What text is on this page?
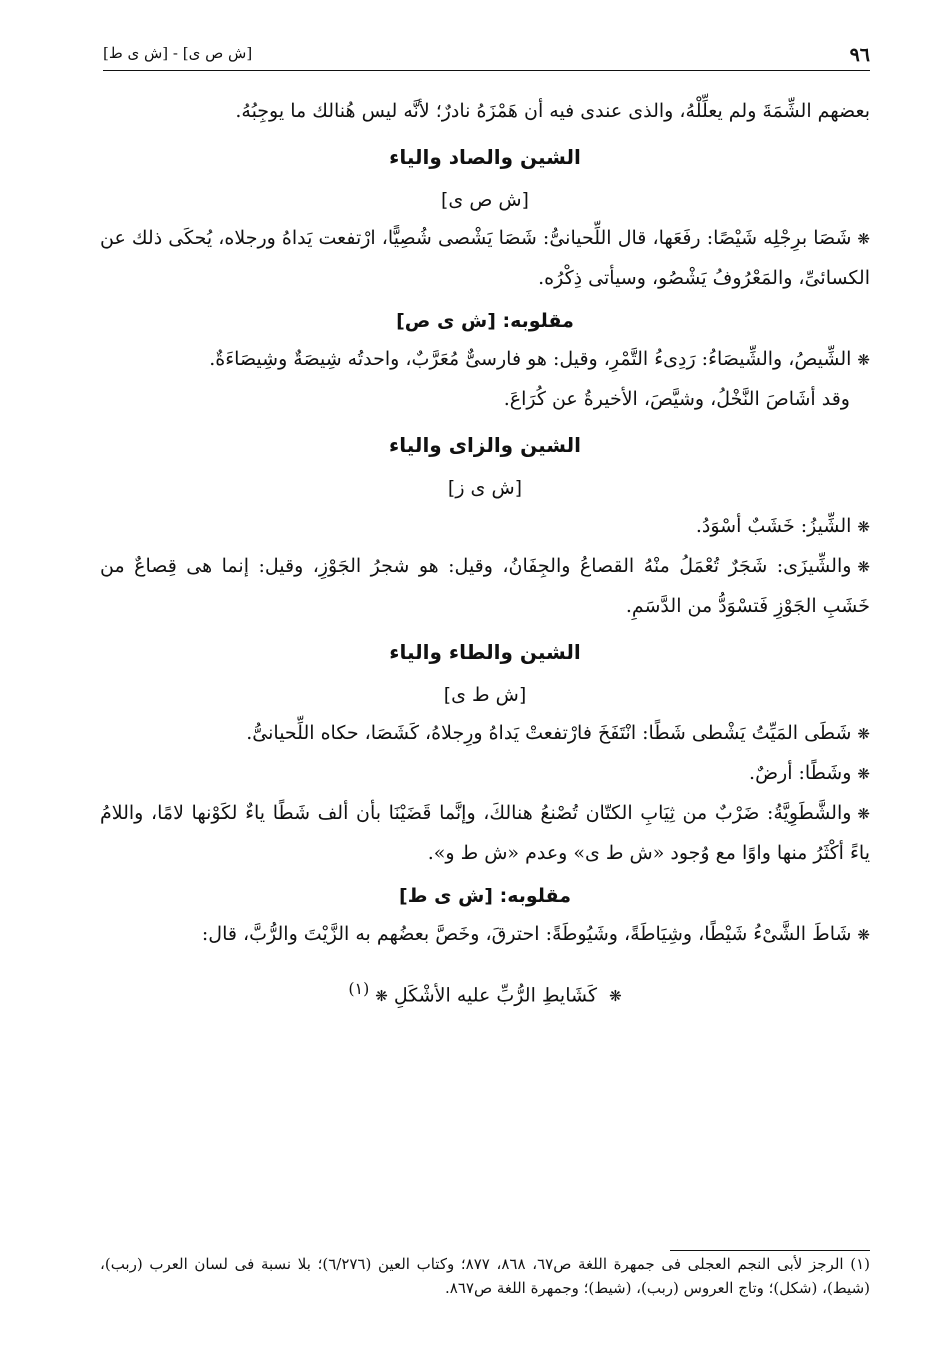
٩٦
[ش ص ى] - [ش ى ط]

بعضهم الشِّمَةَ ولم يعلِّلْهُ، والذى عندى فيه أن هَمْزَهُ نادرٌ؛ لأنَّه ليس هُنالك ما يوجِبُهُ.

الشين والصاد والياء
[ش ص ى]

❋شَصَا برِجْلِه شَيْصًا: رفَعَها، قال اللِّحيانىُّ: شَصَا يَشْصى شُصِيًّا، ارْتفعت يَداهُ ورجلاه، يُحكَى ذلك عن الكسائىِّ، والمَعْرُوفُ يَشْصُو، وسيأتى ذِكْرُه.

مقلوبه: [ش ى ص]

❋الشِّيصُ، والشِّيصَاءُ: رَدِىءُ التَّمْرِ، وقيل: هو فارسىٌّ مُعَرَّبٌ، واحدتُه شِيصَةٌ وشِيصَاءَةٌ.

وقد أشَاصَ النَّخْلُ، وشيَّصَ، الأخيرةُ عن كُرَاعَ.

الشين والزاى والياء
[ش ى ز]

❋الشِّيزُ: خَشَبٌ أسْوَدُ.

❋والشِّيزَى: شَجَرٌ تُعْمَلُ منْهُ القصاعُ والجِفَانُ، وقيل: هو شجرُ الجَوْزِ، وقيل: إنما هى قِصاعٌ من خَشَبِ الجَوْزِ فَتسْوَدُّ من الدَّسَمِ.

الشين والطاء والياء
[ش ط ى]

❋شَطَى المَيِّتُ يَشْطى شَطًا: انْتَفَخَ فارْتفعتْ يَداهُ ورِجلاهُ، كَشَصَا، حكاه اللِّحيانىُّ.

❋وشَطًا: أرضٌ.

❋والشَّطَوِيَّةُ: ضَرْبٌ من ثِيَابِ الكتّان تُصْنعُ هنالكَ، وإنَّما قَضَيْنَا بأن ألف شَطًا ياءٌ لكَوْنها لامًا، واللامُ ياءً أكْثَرُ منها واوًا مع وُجود «ش ط ى» وعدم «ش ط و».

مقلوبه: [ش ى ط]

❋شَاطَ الشَّىْءُ شَيْطًا، وشِيَاطَةً، وشَيُوطَةً: احترقَ، وخَصَّ بعضُهم به الزَّيْتَ والرُّبَّ، قال:

❋ كَشَايطِ الرُّبِّ عليه الأشْكَلِ ❋$^{(١)}$
(١) الرجز لأبى النجم العجلى فى جمهرة اللغة ص٦٧، ٨٦٨، ٨٧٧؛ وكتاب العين (٦/٢٧٦)؛ بلا نسبة فى لسان العرب (ربب)، (شيط)، (شكل)؛ وتاج العروس (ربب)، (شيط)؛ وجمهرة اللغة ص٨٦٧.
